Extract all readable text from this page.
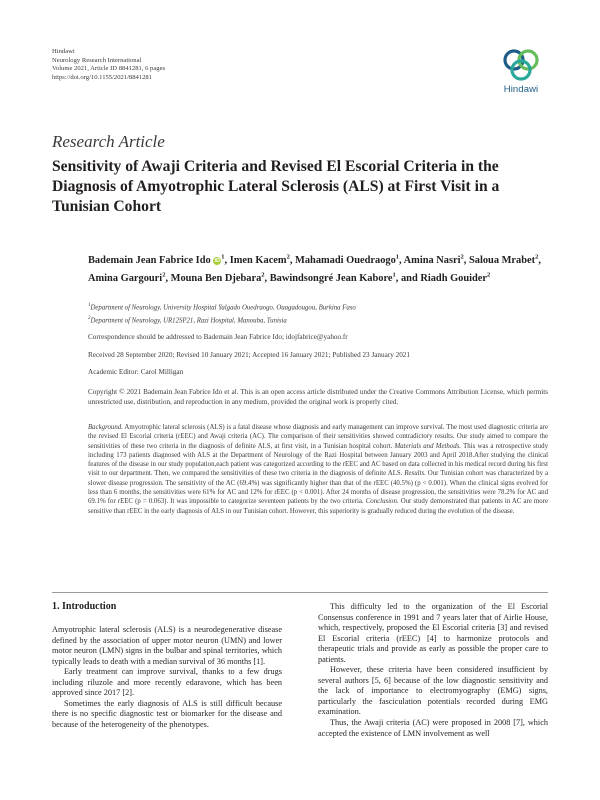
Hindawi
Neurology Research International
Volume 2021, Article ID 8841281, 6 pages
https://doi.org/10.1155/2021/8841281
Hindawi
Research Article
Sensitivity of Awaji Criteria and Revised El Escorial Criteria in the Diagnosis of Amyotrophic Lateral Sclerosis (ALS) at First Visit in a Tunisian Cohort
Bademain Jean Fabrice Ido $iD^1$, Imen Kacem$^2$, Mahamadi Ouedraogo$^1$, Amina Nasri$^2$, Saloua Mrabet$^2$, Amina Gargouri$^2$, Mouna Ben Djebara$^2$, Bawindsongré Jean Kabore$^1$, and Riadh Gouider$^2$
$^1$Department of Neurology, University Hospital Yalgado Ouedraogo, Ouagadougou, Burkina Faso
$^2$Department of Neurology, UR12SP21, Razi Hospital, Manouba, Tunisia
Correspondence should be addressed to Bademain Jean Fabrice Ido; idojfabrice@yahoo.fr
Received 28 September 2020; Revised 10 January 2021; Accepted 16 January 2021; Published 23 January 2021
Academic Editor: Carol Milligan
Copyright © 2021 Bademain Jean Fabrice Ido et al. This is an open access article distributed under the Creative Commons Attribution License, which permits unrestricted use, distribution, and reproduction in any medium, provided the original work is properly cited.
Background. Amyotrophic lateral sclerosis (ALS) is a fatal disease whose diagnosis and early management can improve survival. The most used diagnostic criteria are the revised El Escorial criteria (rEEC) and Awaji criteria (AC). The comparison of their sensitivities showed contradictory results. Our study aimed to compare the sensitivities of these two criteria in the diagnosis of definite ALS, at first visit, in a Tunisian hospital cohort. Materials and Methods. This was a retrospective study including 173 patients diagnosed with ALS at the Department of Neurology of the Razi Hospital between January 2003 and April 2018.After studying the clinical features of the disease in our study population,each patient was categorized according to the rEEC and AC based on data collected in his medical record during his first visit to our department. Then, we compared the sensitivities of these two criteria in the diagnosis of definite ALS. Results. Our Tunisian cohort was characterized by a slower disease progression. The sensitivity of the AC (69.4%) was significantly higher than that of the rEEC (40.5%) (p < 0.001). When the clinical signs evolved for less than 6 months, the sensitivities were 61% for AC and 12% for rEEC (p < 0.001). After 24 months of disease progression, the sensitivities were 78.2% for AC and 69.1% for rEEC (p = 0.063). It was impossible to categorize seventeen patients by the two criteria. Conclusion. Our study demonstrated that patients in AC are more sensitive than rEEC in the early diagnosis of ALS in our Tunisian cohort. However, this superiority is gradually reduced during the evolution of the disease.
1. Introduction

Amyotrophic lateral sclerosis (ALS) is a neurodegenerative disease defined by the association of upper motor neuron (UMN) and lower motor neuron (LMN) signs in the bulbar and spinal territories, which typically leads to death with a median survival of 36 months [1].

Early treatment can improve survival, thanks to a few drugs including riluzole and more recently edaravone, which has been approved since 2017 [2].

Sometimes the early diagnosis of ALS is still difficult because there is no specific diagnostic test or biomarker for the disease and because of the heterogeneity of the phenotypes.

This difficulty led to the organization of the El Escorial Consensus conference in 1991 and 7 years later that of Airlie House, which, respectively, proposed the El Escorial criteria [3] and revised El Escorial criteria (rEEC) [4] to harmonize protocols and therapeutic trials and provide as early as possible the proper care to patients.

However, these criteria have been considered insufficient by several authors [5, 6] because of the low diagnostic sensitivity and the lack of importance to electromyography (EMG) signs, particularly the fasciculation potentials recorded during EMG examination.

Thus, the Awaji criteria (AC) were proposed in 2008 [7], which accepted the existence of LMN involvement as well
